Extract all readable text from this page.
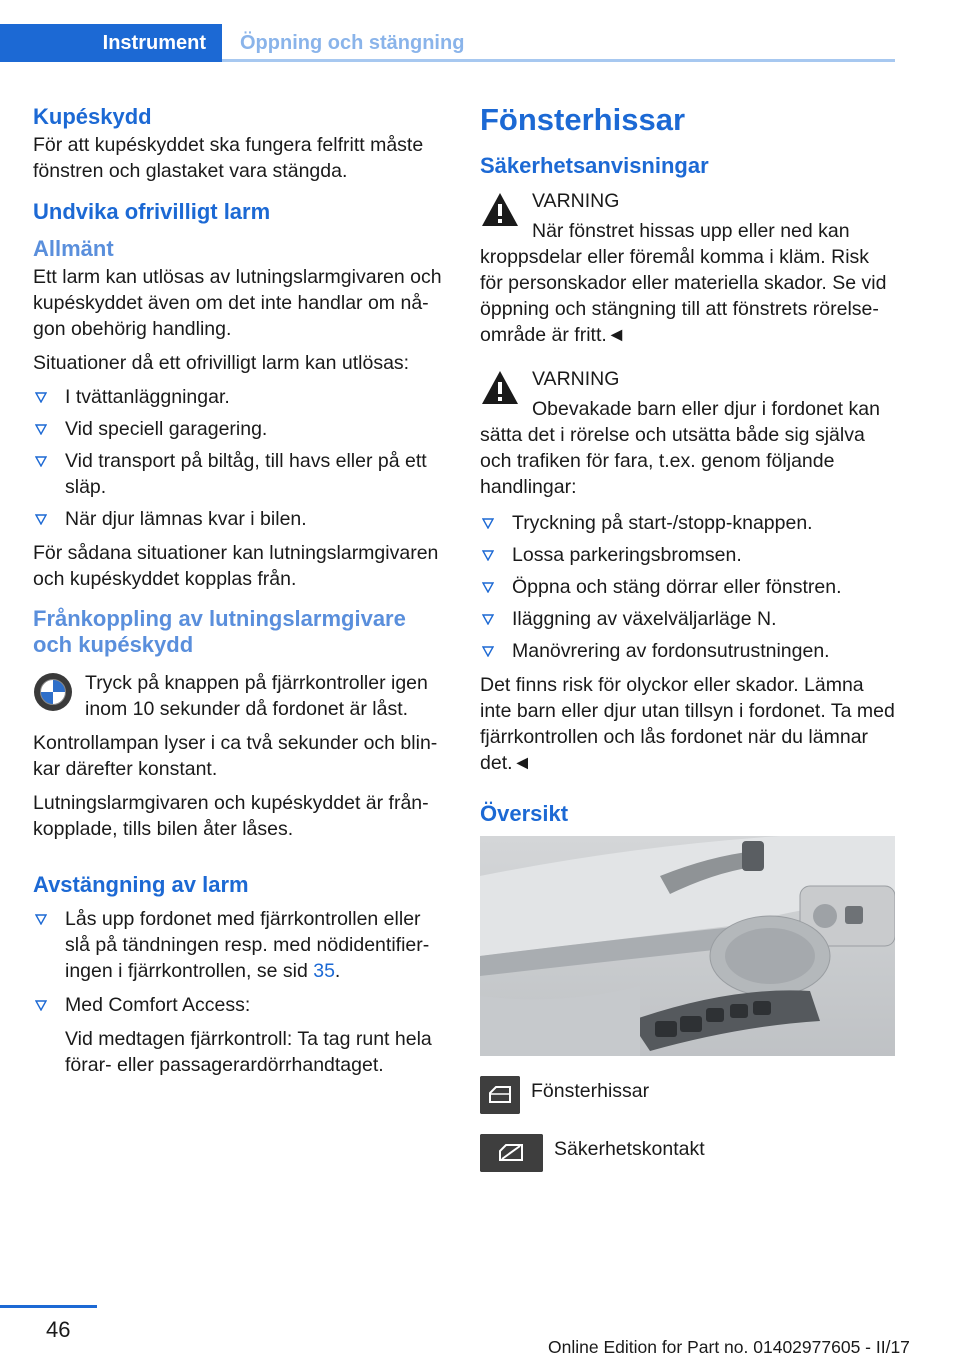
Instrument	Öppning och stängning
Kupéskydd

För att kupéskyddet ska fungera felfritt måste fönstren och glastaket vara stängda.

Undvika ofrivilligt larm
Allmänt

Ett larm kan utlösas av lutningslarmgivaren och kupéskyddet även om det inte handlar om nå-gon obehörig handling.

Situationer då ett ofrivilligt larm kan utlösas:

I tvättanläggningar.
Vid speciell garagering.
Vid transport på biltåg, till havs eller på ett släp.
När djur lämnas kvar i bilen.

För sådana situationer kan lutningslarmgivaren och kupéskyddet kopplas från.

Frånkoppling av lutningslarmgivare och kupéskydd

Tryck på knappen på fjärrkontroller igen inom 10 sekunder då fordonet är låst.

Kontrollampan lyser i ca två sekunder och blin-kar därefter konstant.

Lutningslarmgivaren och kupéskyddet är från-kopplade, tills bilen åter låses.

Avstängning av larm
Lås upp fordonet med fjärrkontrollen eller slå på tändningen resp. med nödidentifier-ingen i fjärrkontrollen, se sid 35.
Med Comfort Access:
Vid medtagen fjärrkontroll: Ta tag runt hela förar- eller passagerardörrhandtaget.
Fönsterhissar
Säkerhetsanvisningar

VARNING

När fönstret hissas upp eller ned kan kroppsdelar eller föremål komma i kläm. Risk för personskador eller materiella skador. Se vid öppning och stängning till att fönstrets rörelse-område är fritt.◄

VARNING

Obevakade barn eller djur i fordonet kan sätta det i rörelse och utsätta både sig själva och trafiken för fara, t.ex. genom följande handlingar:

Tryckning på start-/stopp-knappen.
Lossa parkeringsbromsen.
Öppna och stäng dörrar eller fönstren.
Iläggning av växelväljarläge N.
Manövrering av fordonsutrustningen.

Det finns risk för olyckor eller skador. Lämna inte barn eller djur utan tillsyn i fordonet. Ta med fjärrkontrollen och lås fordonet när du lämnar det.◄

Översikt
Fönsterhissar
Säkerhetskontakt
46
Online Edition for Part no. 01402977605 - II/17
